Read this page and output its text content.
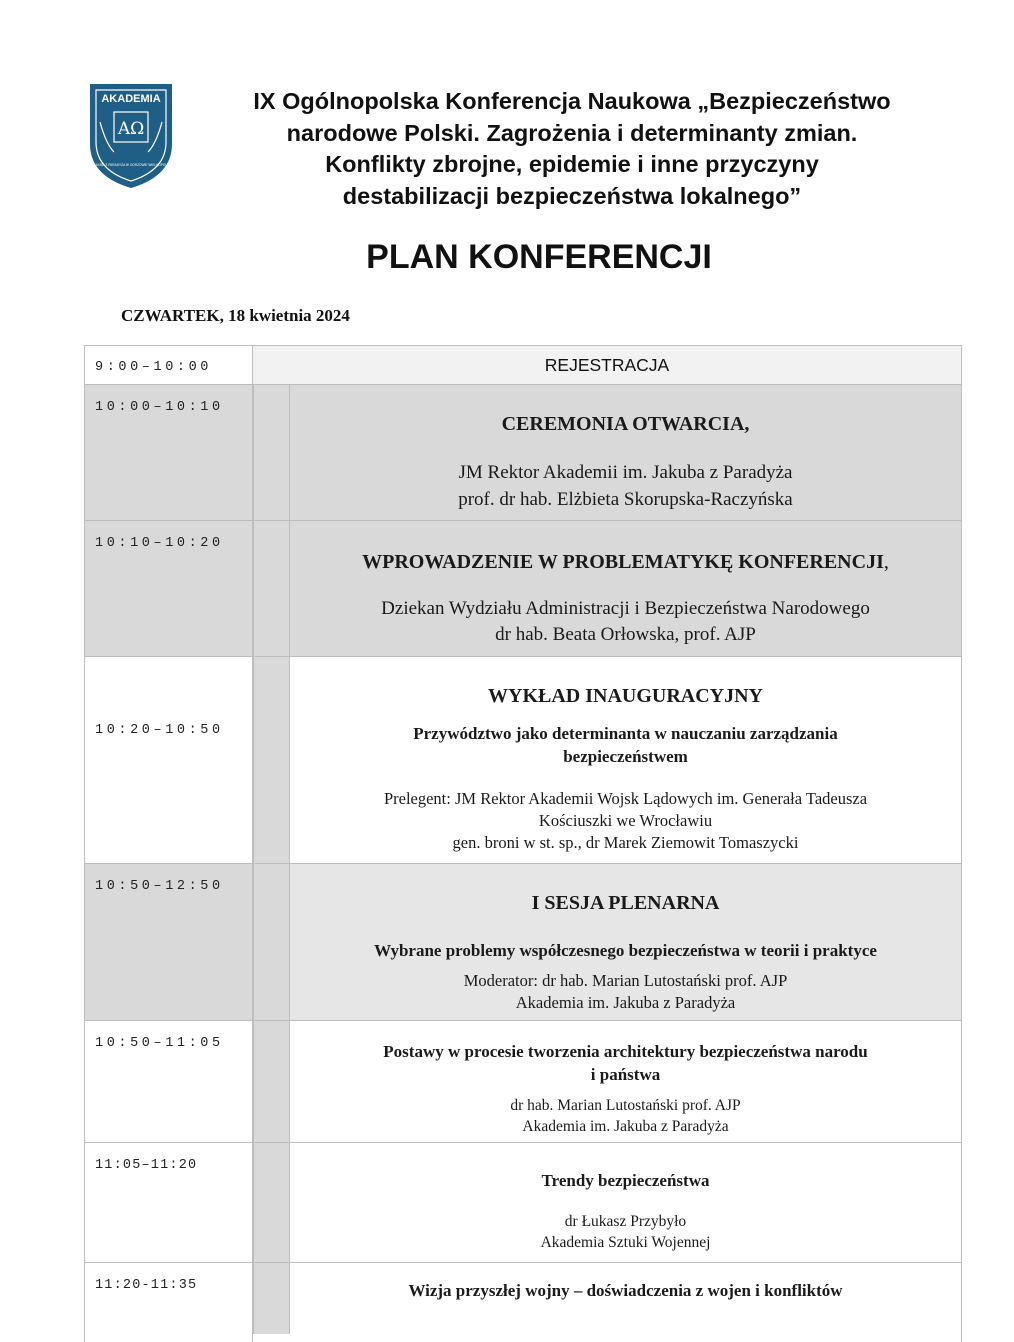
AKADEMIA
AΩ
IM. JAKUBA Z PARADYŻA W GORZOWIE WIELKOPOLSKIM
IX Ogólnopolska Konferencja Naukowa „Bezpieczeństwo
narodowe Polski. Zagrożenia i determinanty zmian.
Konflikty zbrojne, epidemie i inne przyczyny
destabilizacji bezpieczeństwa lokalnego”
PLAN KONFERENCJI
CZWARTEK, 18 kwietnia 2024
9:00–10:00	REJESTRACJA
10:00–10:10
CEREMONIA OTWARCIA,
JM Rektor Akademii im. Jakuba z Paradyża
prof. dr hab. Elżbieta Skorupska-Raczyńska
10:10–10:20
WPROWADZENIE W PROBLEMATYKĘ KONFERENCJI,
Dziekan Wydziału Administracji i Bezpieczeństwa Narodowego
dr hab. Beata Orłowska, prof. AJP
10:20–10:50
WYKŁAD INAUGURACYJNY
Przywództwo jako determinanta w nauczaniu zarządzania
bezpieczeństwem
Prelegent: JM Rektor Akademii Wojsk Lądowych im. Generała Tadeusza
Kościuszki we Wrocławiu
gen. broni w st. sp., dr Marek Ziemowit Tomaszycki
10:50–12:50
I SESJA PLENARNA
Wybrane problemy współczesnego bezpieczeństwa w teorii i praktyce
Moderator: dr hab. Marian Lutostański prof. AJP
Akademia im. Jakuba z Paradyża
10:50–11:05	Postawy w procesie tworzenia architektury bezpieczeństwa narodu
i państwa
dr hab. Marian Lutostański prof. AJP
Akademia im. Jakuba z Paradyża
11:05–11:20
Trendy bezpieczeństwa
dr Łukasz Przybyło
Akademia Sztuki Wojennej
11:20-11:35	Wizja przyszłej wojny – doświadczenia z wojen i konfliktów
